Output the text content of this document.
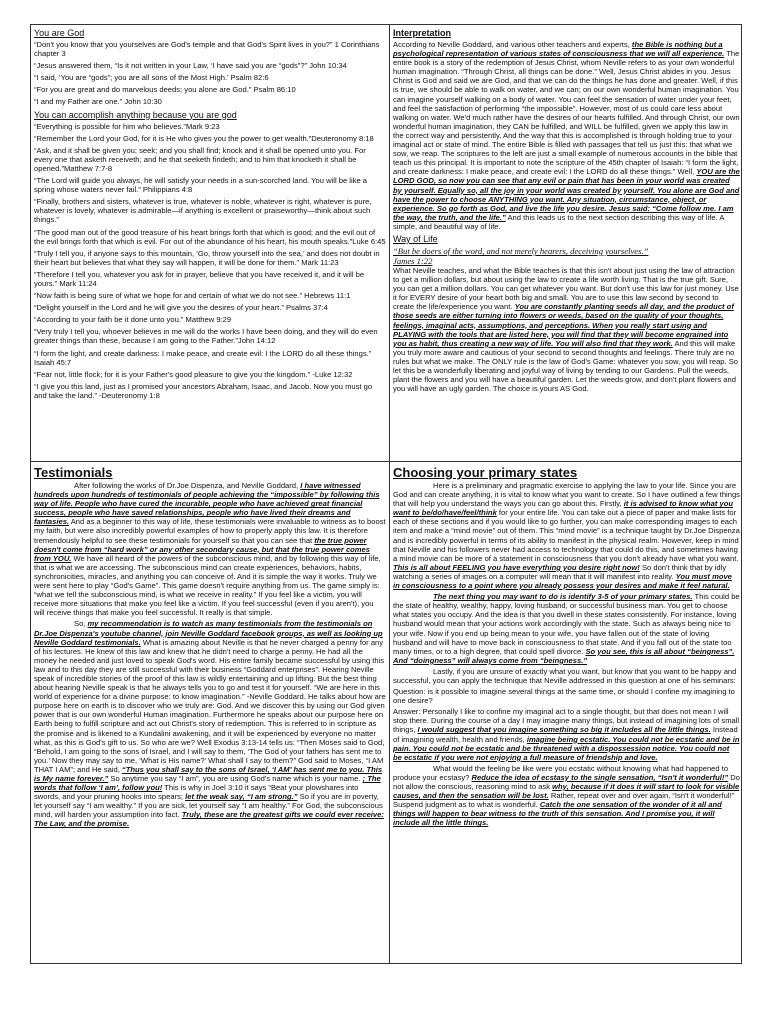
You are God

“Don't you know that you yourselves are God's temple and that God's Spirit lives in you?” 1 Corinthians chapter 3

“Jesus answered them, “Is it not written in your Law, ‘I have said you are “gods”?” John 10:34

“I said, ‘You are “gods”; you are all sons of the Most High.’ Psalm 82:6

“For you are great and do marvelous deeds; you alone are God.” Psalm 86:10

“I and my Father are one.” John 10:30

You can accomplish anything because you are god

“Everything is possible for him who believes.”Mark 9:23

“Remember the Lord your God, for it is He who gives you the power to get wealth.”Deuteronomy 8:18

“Ask, and it shall be given you; seek; and you shall find; knock and it shall be opened unto you. For every one that asketh receiveth; and he that seeketh findeth; and to him that knocketh it shall be opened.”Matthew 7:7-8

“The Lord will guide you always, he will satisfy your needs in a sun-scorched land. You will be like a spring whose waters never fail.” Philippians 4:8

“Finally, brothers and sisters, whatever is true, whatever is noble, whatever is right, whatever is pure, whatever is lovely, whatever is admirable—if anything is excellent or praiseworthy—think about such things.”

“The good man out of the good treasure of his heart brings forth that which is good; and the evil out of the evil brings forth that which is evil. For out of the abundance of his heart, his mouth speaks.”Luke 6:45

“Truly I tell you, if anyone says to this mountain, ‘Go, throw yourself into the sea,’ and does not doubt in their heart but believes that what they say will happen, it will be done for them.” Mark 11:23

“Therefore I tell you, whatever you ask for in prayer, believe that you have received it, and it will be yours.” Mark 11:24

“Now faith is being sure of what we hope for and certain of what we do not see.” Hebrews 11:1

“Delight yourself in the Lord and he will give you the desires of your heart.” Psalms 37:4

“According to your faith be it done unto you.” Matthew 9:29

“Very truly I tell you, whoever believes in me will do the works I have been doing, and they will do even greater things than these, because I am going to the Father.”John 14:12

“I form the light, and create darkness: I make peace, and create evil: I the LORD do all these things.” Isaiah 45:7

“Fear not, little flock; for it is your Father's good pleasure to give you the kingdom.” -Luke 12:32

“I give you this land, just as I promised your ancestors Abraham, Isaac, and Jacob. Now you must go and take the land.” -Deuteronomy 1:8

Interpretation

According to Neville Goddard, and various other teachers and experts, the Bible is nothing but a psychological representation of various states of consciousness that we will all experience. The entire book is a story of the redemption of Jesus Christ, whom Neville refers to as your own wonderful human imagination. “Through Christ, all things can be done.” Well, Jesus Christ abides in you. Jesus Christ is God and said we are God, and that we can do the things he has done and greater. Well, if this is true, we should be able to walk on water, and we can; on our own wonderful human imagination. You can imagine yourself walking on a body of water. You can feel the sensation of water under your feet, and feel the satisfaction of performing “the impossible”. However, most of us could care less about walking on water. We'd much rather have the desires of our hearts fulfilled. And through Christ, our own wonderful human imagination, they CAN be fulfilled, and WILL be fulfilled, given we apply this law in the correct way and persistently. And the way that this is accomplished is through holding true to your imaginal act or state of mind. The entire Bible is filled with passages that tell us just this: that what we sow, we reap. The scriptures to the left are just a small example of numerous accounts in the bible that teach us this principal. It is important to note the scripture of the 45th chapter of Isaiah: “I form the light, and create darkness: I make peace, and create evil: I the LORD do all these things.” Well, YOU are the LORD GOD, so now you can see that any evil or pain that has been in your world was created by yourself. Equally so, all the joy in your world was created by yourself. You alone are God and have the power to choose ANYTHING you want. Any situation, circumstance, object, or experience. So go forth as God, and live the life you desire. Jesus said: “Come follow me. I am the way, the truth, and the life.” And this leads us to the next section describing this way of life. A simple, and beautiful way of life.

Way of Life
“But be doers of the word, and not merely hearers, deceiving yourselves.”
James 1:22

What Neville teaches, and what the Bible teaches is that this isn't about just using the law of attraction to get a million dollars, but about using the law to create a life worth living. That is the true gift. Sure, you can get a million dollars. You can get whatever you want. But don't use this law for just money. Use it for EVERY desire of your heart both big and small. You are to use this law second by second to create the life/experience you want. You are constantly planting seeds all day, and the product of those seeds are either turning into flowers or weeds, based on the quality of your thoughts, feelings, imaginal acts, assumptions, and perceptions. When you really start using and PLAYING with the tools that are listed here, you will find that they will become engrained into you as habit, thus creating a new way of life. You will also find that they work. And this will make you truly more aware and cautious of your second to second thoughts and feelings. There truly are no rules but what we make. The ONLY rule is the law of God's Game: whatever you sow, you will reap. So let this be a wonderfully liberating and joyful way of living by tending to our Gardens. Pull the weeds, plant the flowers and you will have a beautiful garden. Let the weeds grow, and don't plant flowers and you will have an ugly garden. The choice is yours AS God.

Testimonials

After following the works of Dr.Joe Dispenza, and Neville Goddard, I have witnessed hundreds upon hundreds of testimonials of people achieving the “impossible” by following this way of life. People who have cured the incurable, people who have achieved great financial success, people who have saved relationships, people who have lived their dreams and fantasies. And as a beginner to this way of life, these testimonials were invaluable to witness as to boost my faith, but were also incredibly powerful examples of how to properly apply this law. It is therefore tremendously helpful to see these testimonials for yourself so that you can see that the true power doesn't come from “hard work” or any other secondary cause, but that the true power comes from YOU. We have all heard of the powers of the subconscious mind, and by following this way of life, that is what we are accessing. The subconscious mind can create experiences, behaviors, habits, synchronicities, miracles, and anything you can conceive of. And it is simple the way it works. Truly we were sent here to play “God's Game”. This game doesn't require anything from us. The game simply is: “what we tell the subconscious mind, is what we receive in reality.” If you feel like a victim, you will receive more situations that make you feel like a victim. If you feel successful (even if you aren't), you will receive things that make you feel successful. It really is that simple.

So, my recommendation is to watch as many testimonials from the testimonials on Dr.Joe Dispenza's youtube channel, join Neville Goddard facebook groups, as well as looking up Neville Goddard testimonials. What is amazing about Neville is that he never charged a penny for any of his lectures. He knew of this law and knew that he didn't need to charge a penny. He had all the money he needed and just loved to speak God's word. His entire family became successful by using this law and to this day they are still successful with their business “Goddard enterprises”. Hearing Neville speak of incredible stories of the proof of this law is wildly entertaining and up lifting. But the best thing about hearing Neville speak is that he always tells you to go and test it for yourself. “We are here in this world of experience for a divine purpose: to know imagination.” -Neville Goddard. He talks about how are purpose here on earth is to discover who we truly are: God. And we discover this by using our God given power that is our own wonderful Human imagination. Furthermore he speaks about our purpose here on Earth being to fulfill scripture and act out Christ's story of redemption. This is referred to in scripture as the promise and is likened to a Kundalini awakening, and it will be experienced by everyone no matter what, as this is God's gift to us. So who are we? Well Exodus 3:13-14 tells us: “Then Moses said to God, “Behold, I am going to the sons of Israel, and I will say to them, ‘The God of your fathers has sent me to you.’ Now they may say to me, ‘What is His name?’ What shall I say to them?” God said to Moses, “I AM THAT I AM”; and He said, “Thus you shall say to the sons of Israel, ‘I AM’ has sent me to you. This is My name forever.” So anytime you say “I am”, you are using God's name which is your name. ; The words that follow ‘I am’, follow you! This is why in Joel 3:10 it says “Beat your plowshares into swords, and your pruning hooks into spears; let the weak say, “I am strong.” So if you are in poverty, let yourself say “I am wealthy.” If you are sick, let yourself say “I am healthy.” For God, the subconscious mind, will harden your assumption into fact. Truly, these are the greatest gifts we could ever receive: The Law, and the promise.

Choosing your primary states

Here is a preliminary and pragmatic exercise to applying the law to your life. Since you are God and can create anything, it is vital to know what you want to create. So I have outlined a few things that will help you understand the ways you can go about this. Firstly, it is advised to know what you want to be/do/have/feel/think for your entire life. You can take out a piece of paper and make lists for each of these sections and if you would like to go further, you can make corresponding images to each item and make a “mind movie” out of them. This “mind movie” is a technique taught by Dr.Joe Dispenza and is incredibly powerful in terms of its ability to manifest in the physical realm. However, keep in mind that Neville and his followers never had access to technology that could do this, and sometimes having a mind movie can be more of a statement in consciousness that you don't already have what you want. This is all about FEELING you have everything you desire right now! So don't think that by idly watching a series of images on a computer will mean that it will manifest into reality. You must move in consciousness to a point where you already possess your desires and make it feel natural.

The next thing you may want to do is identify 3-5 of your primary states. This could be the state of healthy, wealthy, happy, loving husband, or successful business man. You get to choose what states you occupy. And the idea is that you dwell in these states consistently. For instance, loving husband would mean that your actions work accordingly with the state. Such as always being nice to your wife. Now if you end up being mean to your wife, you have fallen out of the state of loving husband and will have to move back in consciousness to that state. And if you fall out of the state too many times, or to a high degree, that could spell divorce. So you see, this is all about “beingness”. And “doingness” will always come from “beingness.”

Lastly, if you are unsure of exactly what you want, but know that you want to be happy and successful, you can apply the technique that Neville addressed in this question at one of his seminars:

Question: is it possible to imagine several things at the same time, or should I confine my imagining to one desire?

Answer: Personally I like to confine my imaginal act to a single thought, but that does not mean I will stop there. During the course of a day I may imagine many things, but instead of imagining lots of small things, I would suggest that you imagine something so big it includes all the little things. Instead of imagining wealth, health and friends, imagine being ecstatic. You could not be ecstatic and be in pain. You could not be ecstatic and be threatened with a dispossession notice. You could not be ecstatic if you were not enjoying a full measure of friendship and love.

What would the feeling be like were you ecstatic without knowing what had happened to produce your ecstasy? Reduce the idea of ecstasy to the single sensation, “Isn't it wonderful!” Do not allow the conscious, reasoning mind to ask why, because if it does it will start to look for visible causes, and then the sensation will be lost. Rather, repeat over and over again, “Isn't it wonderful!” Suspend judgment as to what is wonderful. Catch the one sensation of the wonder of it all and things will happen to bear witness to the truth of this sensation. And I promise you, it will include all the little things.
